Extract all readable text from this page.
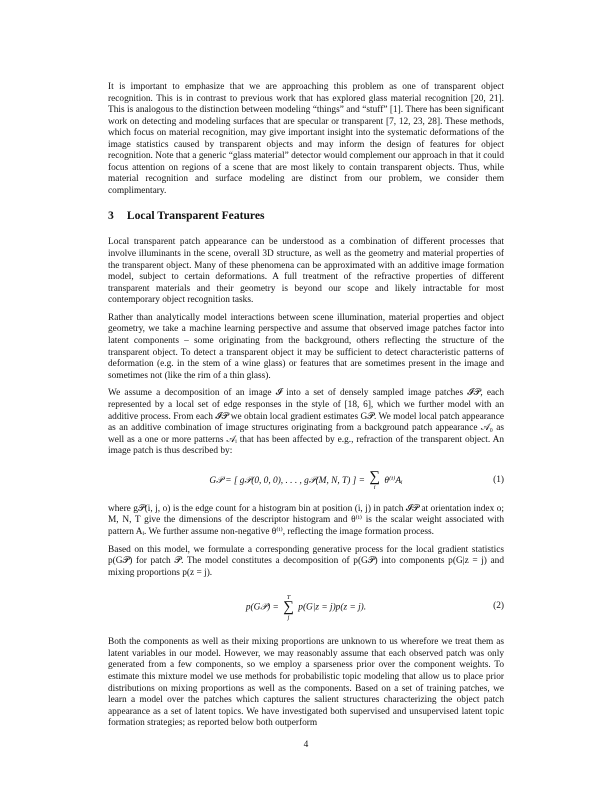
It is important to emphasize that we are approaching this problem as one of transparent object recognition. This is in contrast to previous work that has explored glass material recognition [20, 21]. This is analogous to the distinction between modeling “things” and “stuff” [1]. There has been significant work on detecting and modeling surfaces that are specular or transparent [7, 12, 23, 28]. These methods, which focus on material recognition, may give important insight into the systematic deformations of the image statistics caused by transparent objects and may inform the design of features for object recognition. Note that a generic “glass material” detector would complement our approach in that it could focus attention on regions of a scene that are most likely to contain transparent objects. Thus, while material recognition and surface modeling are distinct from our problem, we consider them complimentary.

3 Local Transparent Features

Local transparent patch appearance can be understood as a combination of different processes that involve illuminants in the scene, overall 3D structure, as well as the geometry and material properties of the transparent object. Many of these phenomena can be approximated with an additive image formation model, subject to certain deformations. A full treatment of the refractive properties of different transparent materials and their geometry is beyond our scope and likely intractable for most contemporary object recognition tasks.

Rather than analytically model interactions between scene illumination, material properties and object geometry, we take a machine learning perspective and assume that observed image patches factor into latent components – some originating from the background, others reflecting the structure of the transparent object. To detect a transparent object it may be sufficient to detect characteristic patterns of deformation (e.g. in the stem of a wine glass) or features that are sometimes present in the image and sometimes not (like the rim of a thin glass).

We assume a decomposition of an image 𝓘 into a set of densely sampled image patches 𝓘𝒫, each represented by a local set of edge responses in the style of [18, 6], which we further model with an additive process. From each 𝓘𝒫 we obtain local gradient estimates G𝒫. We model local patch appearance as an additive combination of image structures originating from a background patch appearance 𝒜₀ as well as a one or more patterns 𝒜ᵢ that has been affected by e.g., refraction of the transparent object. An image patch is thus described by:

G𝒫 = [ g𝒫(0, 0, 0), . . . , g𝒫(M, N, T) ] = ∑
i
θ⁽ⁱ⁾Aᵢ	(1)

where g𝒫(i, j, o) is the edge count for a histogram bin at position (i, j) in patch 𝓘𝒫 at orientation index o; M, N, T give the dimensions of the descriptor histogram and θ⁽ⁱ⁾ is the scalar weight associated with pattern Aᵢ. We further assume non-negative θ⁽ⁱ⁾, reflecting the image formation process.

Based on this model, we formulate a corresponding generative process for the local gradient statistics p(G𝒫) for patch 𝒫. The model constitutes a decomposition of p(G𝒫) into components p(G|z = j) and mixing proportions p(z = j).

p(G𝒫) =
T
∑
j
p(G|z = j)p(z = j).	(2)

Both the components as well as their mixing proportions are unknown to us wherefore we treat them as latent variables in our model. However, we may reasonably assume that each observed patch was only generated from a few components, so we employ a sparseness prior over the component weights. To estimate this mixture model we use methods for probabilistic topic modeling that allow us to place prior distributions on mixing proportions as well as the components. Based on a set of training patches, we learn a model over the patches which captures the salient structures characterizing the object patch appearance as a set of latent topics. We have investigated both supervised and unsupervised latent topic formation strategies; as reported below both outperform

4
